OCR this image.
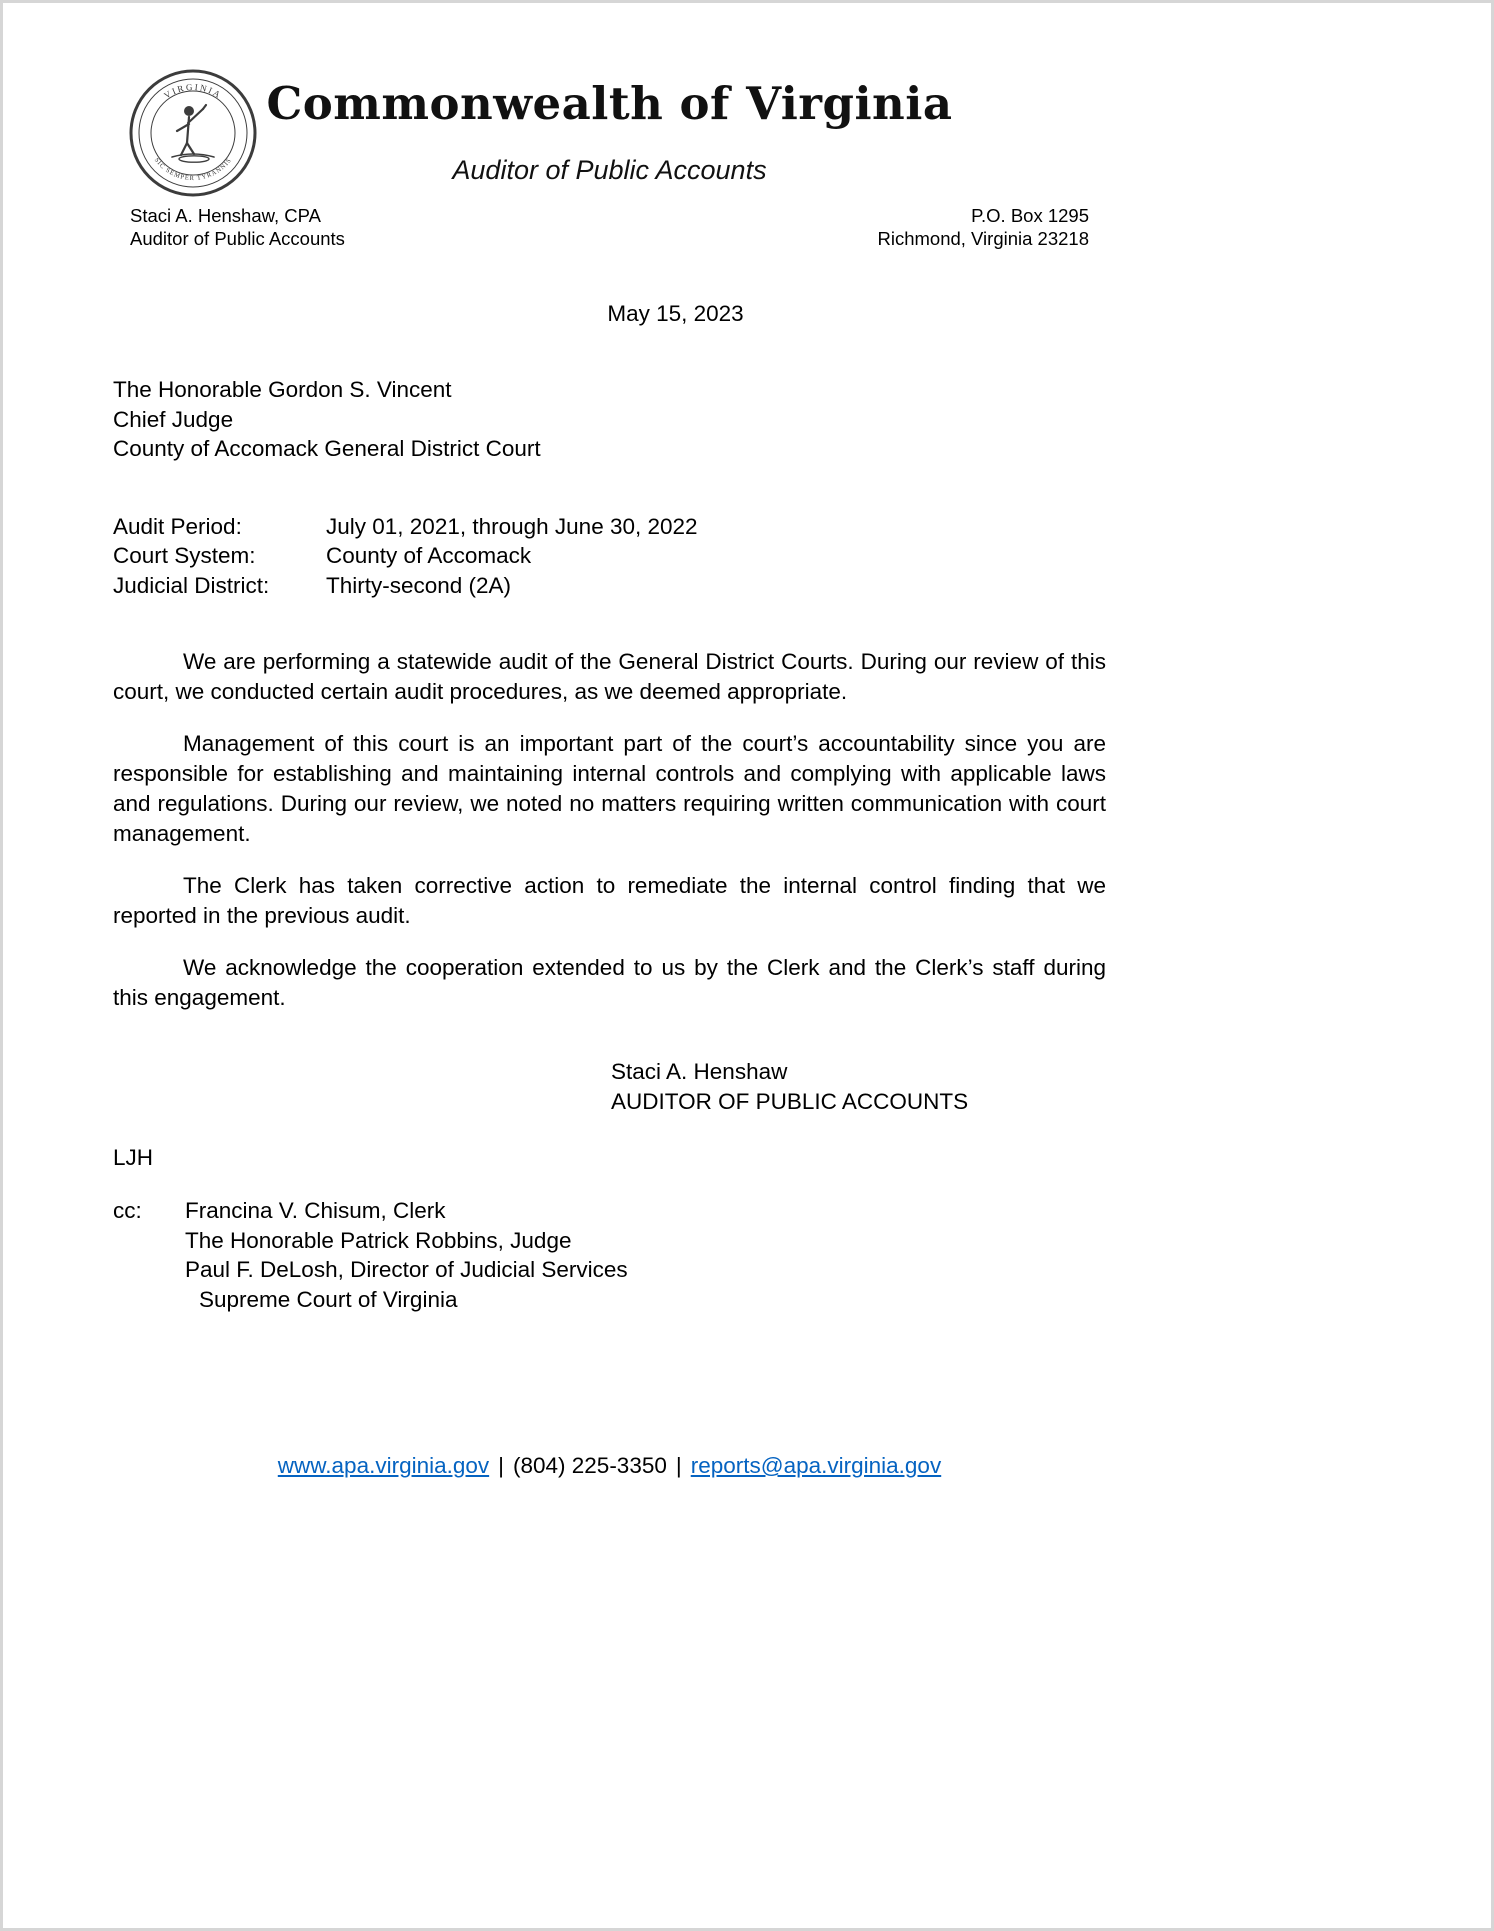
VIRGINIA
SIC SEMPER TYRANNIS
Commonwealth of Virginia
Auditor of Public Accounts
Staci A. Henshaw, CPA
Auditor of Public Accounts
P.O. Box 1295
Richmond, Virginia 23218
May 15, 2023
The Honorable Gordon S. Vincent
Chief Judge
County of Accomack General District Court
Audit Period:	July 01, 2021, through June 30, 2022
Court System:	County of Accomack
Judicial District:	Thirty-second (2A)

We are performing a statewide audit of the General District Courts. During our review of this court, we conducted certain audit procedures, as we deemed appropriate.

Management of this court is an important part of the court’s accountability since you are responsible for establishing and maintaining internal controls and complying with applicable laws and regulations. During our review, we noted no matters requiring written communication with court management.

The Clerk has taken corrective action to remediate the internal control finding that we reported in the previous audit.

We acknowledge the cooperation extended to us by the Clerk and the Clerk’s staff during this engagement.

Staci A. Henshaw
AUDITOR OF PUBLIC ACCOUNTS
LJH
cc:	Francina V. Chisum, Clerk
The Honorable Patrick Robbins, Judge
Paul F. DeLosh, Director of Judicial Services
Supreme Court of Virginia
www.apa.virginia.gov | (804) 225-3350 | reports@apa.virginia.gov
